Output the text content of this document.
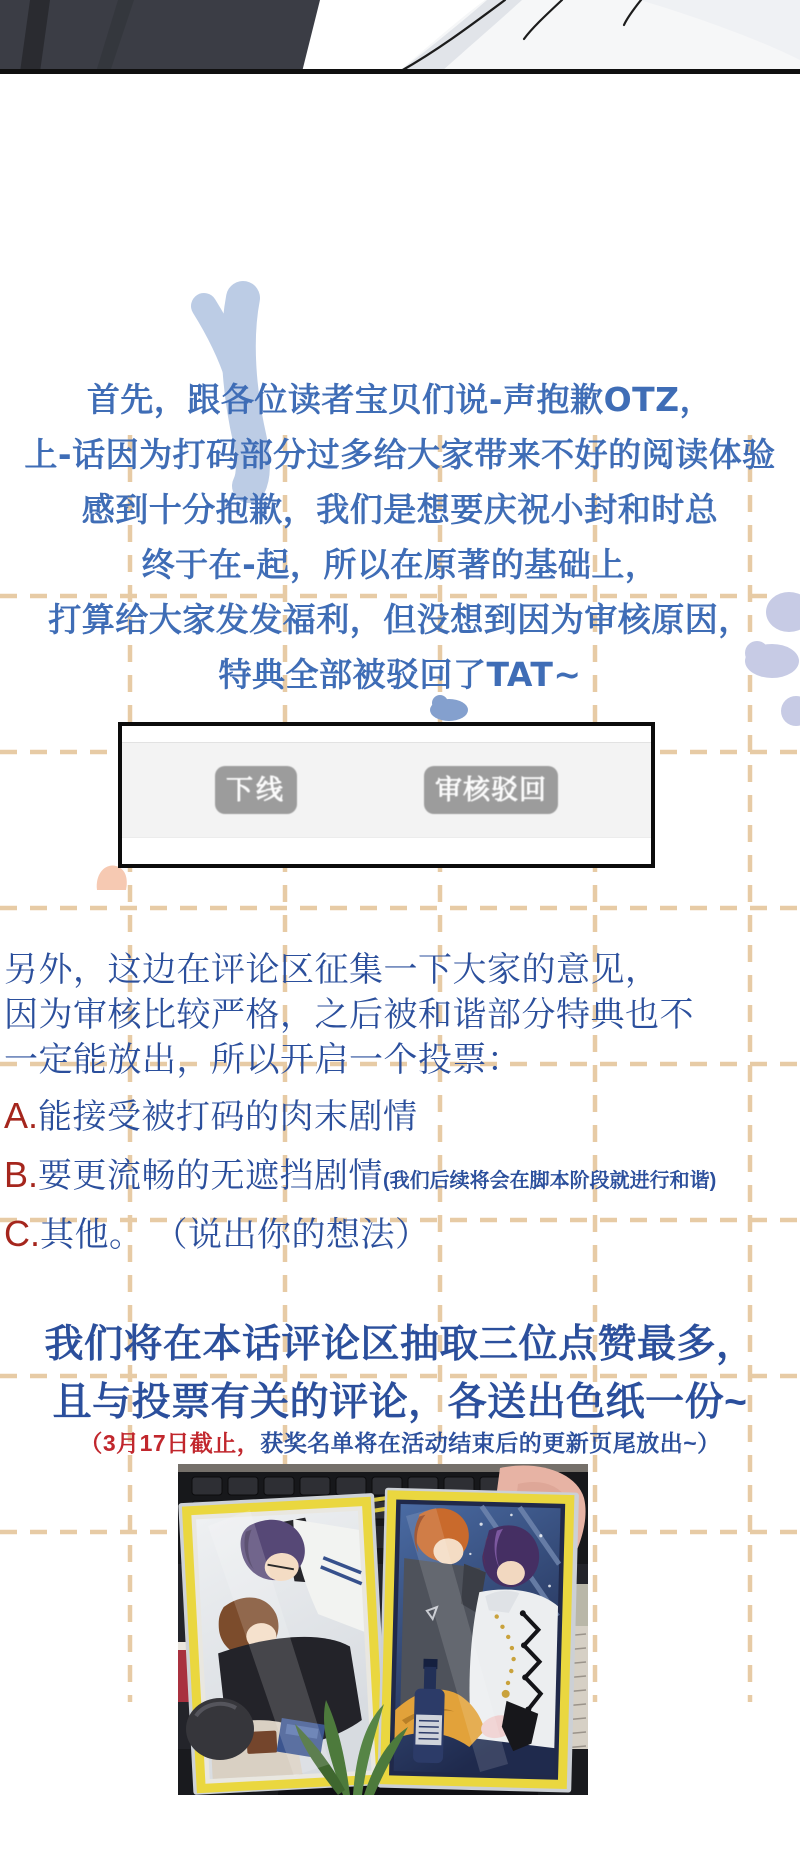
首先，跟各位读者宝贝们说-声抱歉OTZ，
上-话因为打码部分过多给大家带来不好的阅读体验
感到十分抱歉，我们是想要庆祝小封和时总
终于在-起，所以在原著的基础上，
打算给大家发发福利，但没想到因为审核原因，
特典全部被驳回了TAT~
下线	审核驳回
另外，这边在评论区征集一下大家的意见，
因为审核比较严格，之后被和谐部分特典也不
一定能放出，所以开启一个投票：
A.能接受被打码的肉末剧情
B.要更流畅的无遮挡剧情(我们后续将会在脚本阶段就进行和谐)
C.其他。 （说出你的想法）
我们将在本话评论区抽取三位点赞最多，
且与投票有关的评论，各送出色纸一份~
（3月17日截止，获奖名单将在活动结束后的更新页尾放出~）
